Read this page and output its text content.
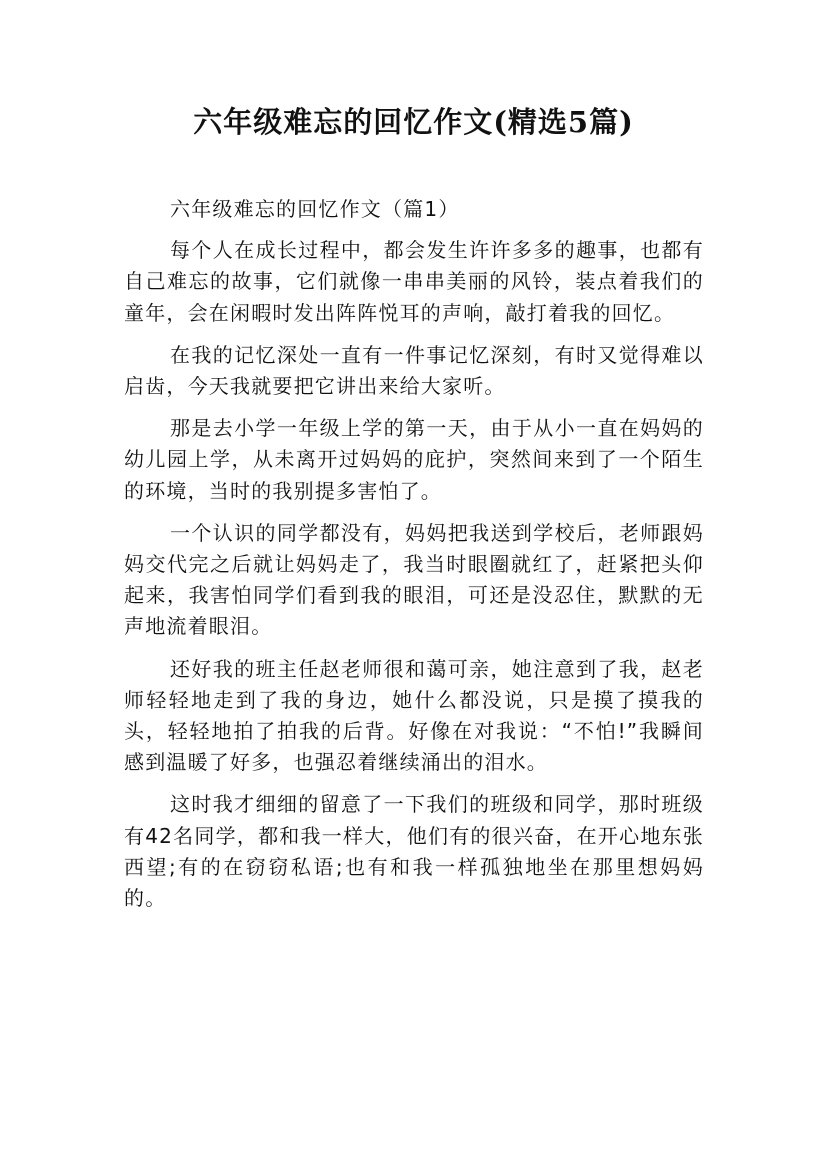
六年级难忘的回忆作文(精选5篇)

六年级难忘的回忆作文（篇1）

每个人在成长过程中，都会发生许许多多的趣事，也都有自己难忘的故事，它们就像一串串美丽的风铃，装点着我们的童年，会在闲暇时发出阵阵悦耳的声响，敲打着我的回忆。

在我的记忆深处一直有一件事记忆深刻，有时又觉得难以启齿，今天我就要把它讲出来给大家听。

那是去小学一年级上学的第一天，由于从小一直在妈妈的幼儿园上学，从未离开过妈妈的庇护，突然间来到了一个陌生的环境，当时的我别提多害怕了。

一个认识的同学都没有，妈妈把我送到学校后，老师跟妈妈交代完之后就让妈妈走了，我当时眼圈就红了，赶紧把头仰起来，我害怕同学们看到我的眼泪，可还是没忍住，默默的无声地流着眼泪。

还好我的班主任赵老师很和蔼可亲，她注意到了我，赵老师轻轻地走到了我的身边，她什么都没说，只是摸了摸我的头，轻轻地拍了拍我的后背。好像在对我说：“不怕!”我瞬间感到温暖了好多，也强忍着继续涌出的泪水。

这时我才细细的留意了一下我们的班级和同学，那时班级有42名同学，都和我一样大，他们有的很兴奋，在开心地东张西望;有的在窃窃私语;也有和我一样孤独地坐在那里想妈妈的。
